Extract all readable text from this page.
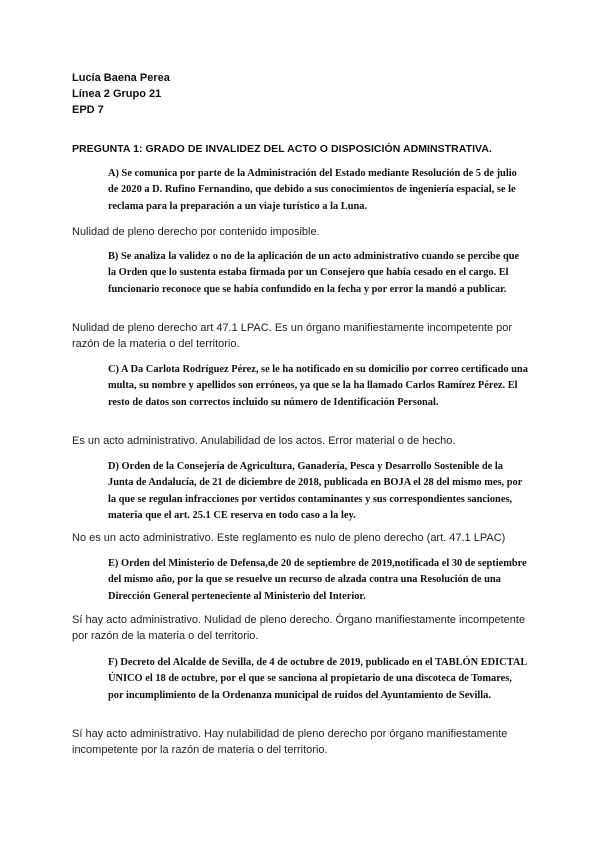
Lucía Baena Perea
Línea 2 Grupo 21
EPD 7
PREGUNTA 1: GRADO DE INVALIDEZ DEL ACTO O DISPOSICIÓN ADMINSTRATIVA.
A) Se comunica por parte de la Administración del Estado mediante Resolución de 5 de julio de 2020 a D. Rufino Fernandino, que debido a sus conocimientos de ingeniería espacial, se le reclama para la preparación a un viaje turístico a la Luna.
Nulidad de pleno derecho por contenido imposible.
B) Se analiza la validez o no de la aplicación de un acto administrativo cuando se percibe que la Orden que lo sustenta estaba firmada por un Consejero que había cesado en el cargo. El funcionario reconoce que se había confundido en la fecha y por error la mandó a publicar.
Nulidad de pleno derecho art 47.1 LPAC. Es un órgano manifiestamente incompetente por razón de la materia o del territorio.
C) A Da Carlota Rodríguez Pérez, se le ha notificado en su domicilio por correo certificado una multa, su nombre y apellidos son erróneos, ya que se la ha llamado Carlos Ramírez Pérez. El resto de datos son correctos incluido su número de Identificación Personal.
Es un acto administrativo. Anulabilidad de los actos. Error material o de hecho.
D) Orden de la Consejería de Agricultura, Ganadería, Pesca y Desarrollo Sostenible de la Junta de Andalucía, de 21 de diciembre de 2018, publicada en BOJA el 28 del mismo mes, por la que se regulan infracciones por vertidos contaminantes y sus correspondientes sanciones, materia que el art. 25.1 CE reserva en todo caso a la ley.
No es un acto administrativo. Este reglamento es nulo de pleno derecho (art. 47.1 LPAC)
E) Orden del Ministerio de Defensa,de 20 de septiembre de 2019,notificada el 30 de septiembre del mismo año, por la que se resuelve un recurso de alzada contra una Resolución de una Dirección General perteneciente al Ministerio del Interior.
Sí hay acto administrativo. Nulidad de pleno derecho. Órgano manifiestamente incompetente por razón de la materia o del territorio.
F) Decreto del Alcalde de Sevilla, de 4 de octubre de 2019, publicado en el TABLÓN EDICTAL ÚNICO el 18 de octubre, por el que se sanciona al propietario de una discoteca de Tomares, por incumplimiento de la Ordenanza municipal de ruidos del Ayuntamiento de Sevilla.
Sí hay acto administrativo. Hay nulabilidad de pleno derecho por órgano manifiestamente incompetente por la razón de materia o del territorio.
